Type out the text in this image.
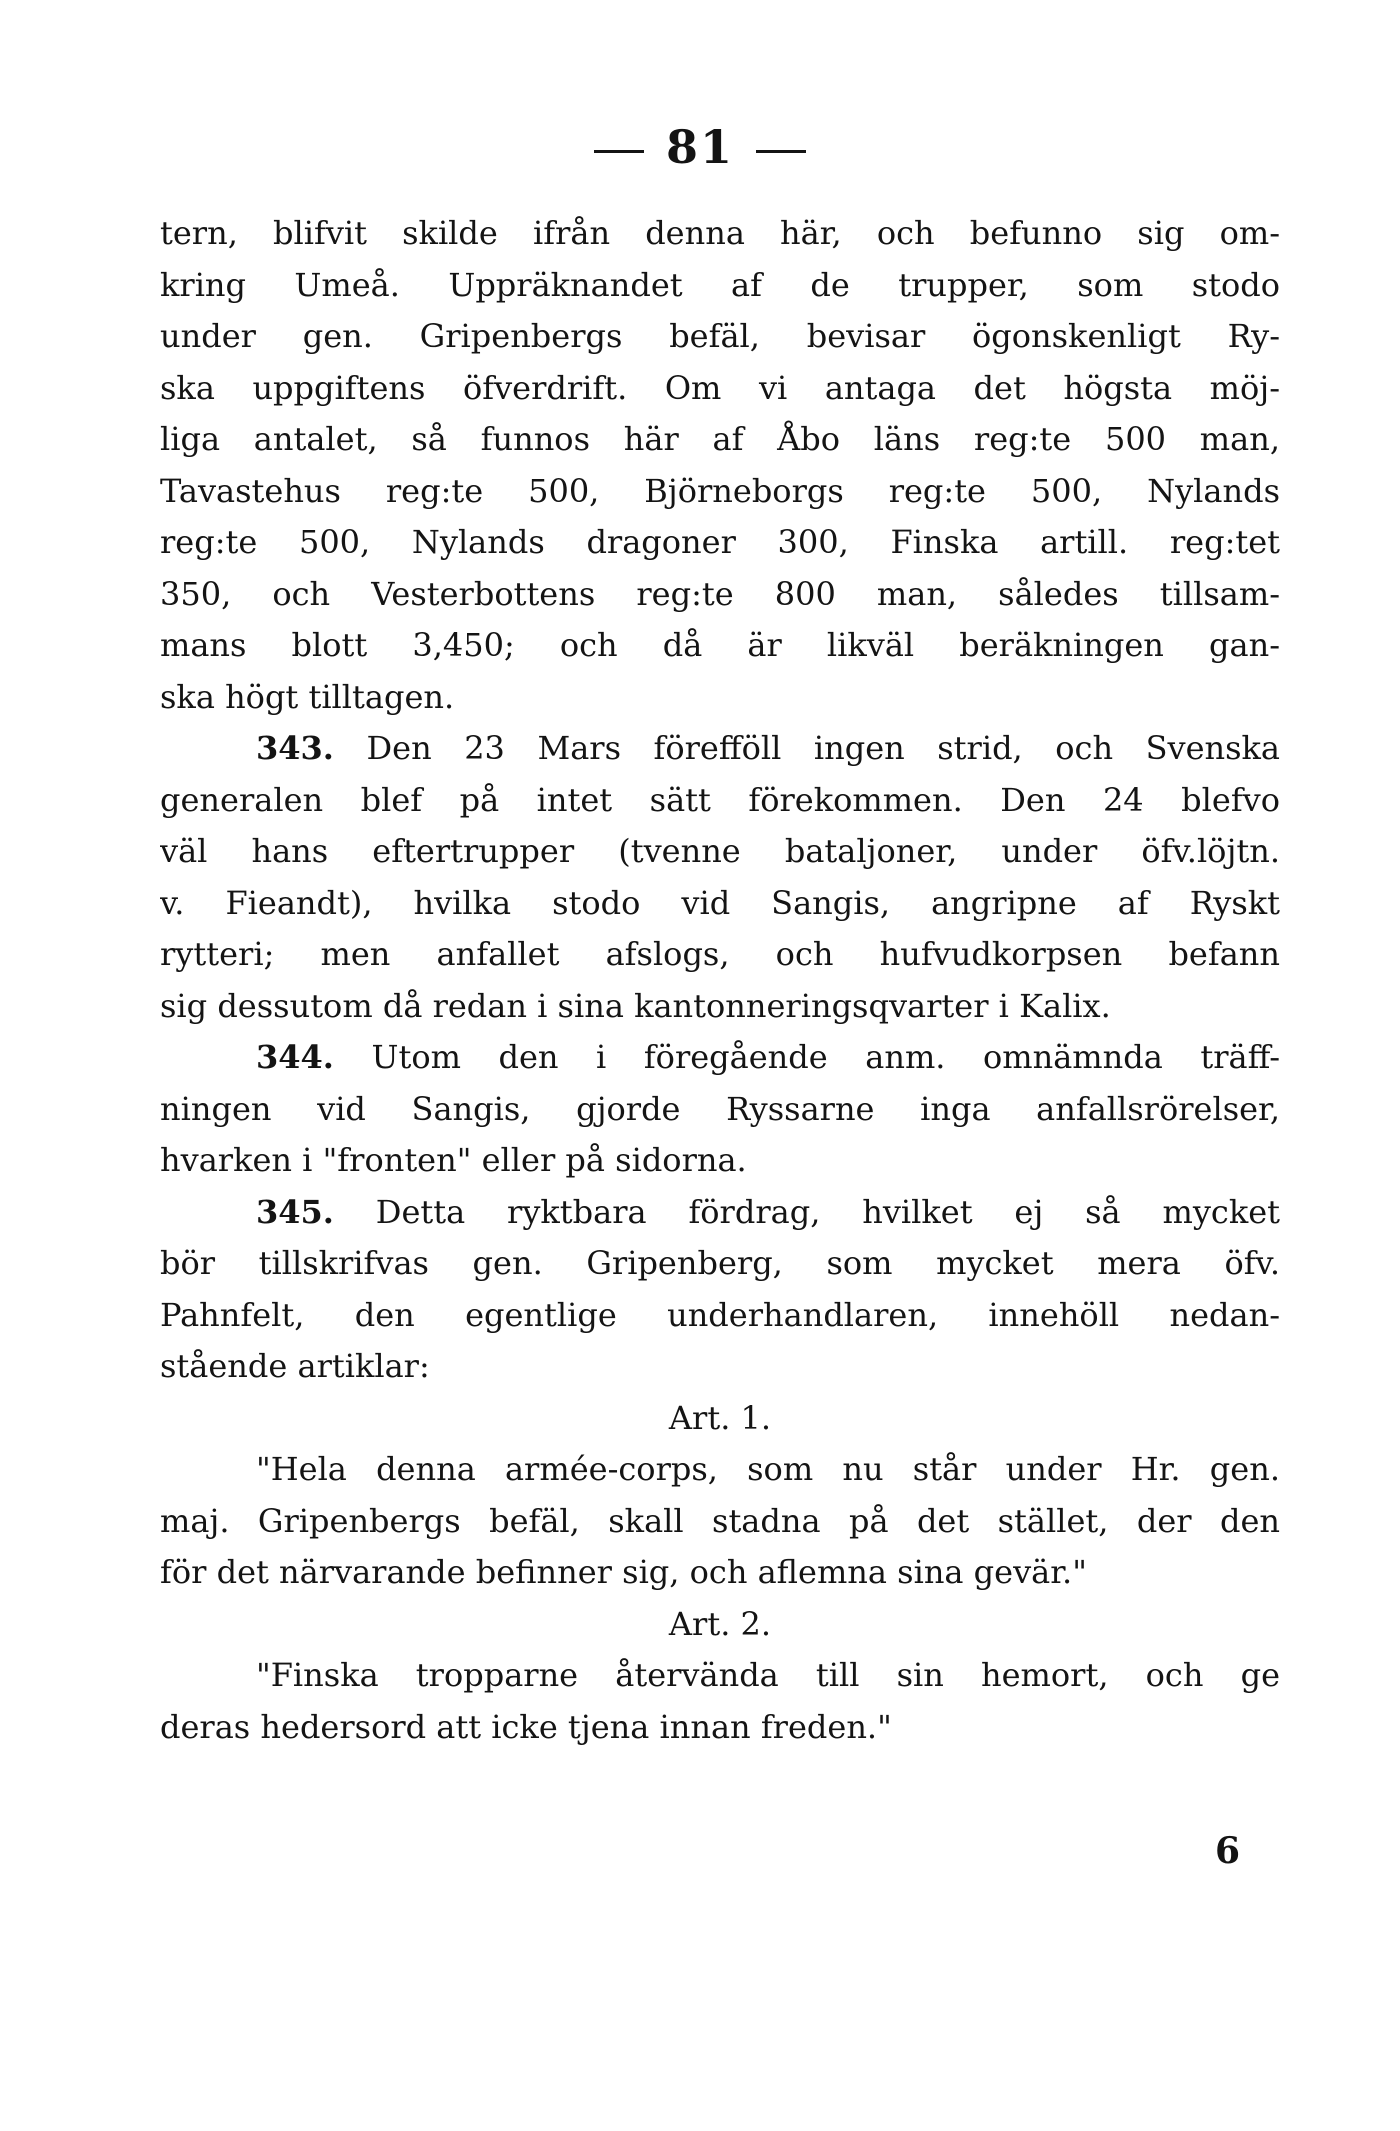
81
tern, blifvit skilde ifrån denna här, och befunno sig om-
kring Umeå. Uppräknandet af de trupper, som stodo
under gen. Gripenbergs befäl, bevisar ögonskenligt Ry-
ska uppgiftens öfverdrift. Om vi antaga det högsta möj-
liga antalet, så funnos här af Åbo läns reg:te 500 man,
Tavastehus reg:te 500, Björneborgs reg:te 500, Nylands
reg:te 500, Nylands dragoner 300, Finska artill. reg:tet
350, och Vesterbottens reg:te 800 man, således tillsam-
mans blott 3,450; och då är likväl beräkningen gan-
ska högt tilltagen.
343. Den 23 Mars förefföll ingen strid, och Svenska
generalen blef på intet sätt förekommen. Den 24 blefvo
väl hans eftertrupper (tvenne bataljoner, under öfv.löjtn.
v. Fieandt), hvilka stodo vid Sangis, angripne af Ryskt
rytteri; men anfallet afslogs, och hufvudkorpsen befann
sig dessutom då redan i sina kantonneringsqvarter i Kalix.
344. Utom den i föregående anm. omnämnda träff-
ningen vid Sangis, gjorde Ryssarne inga anfallsrörelser,
hvarken i "fronten" eller på sidorna.
345. Detta ryktbara fördrag, hvilket ej så mycket
bör tillskrifvas gen. Gripenberg, som mycket mera öfv.
Pahnfelt, den egentlige underhandlaren, innehöll nedan-
stående artiklar:
Art. 1.
"Hela denna armée-corps, som nu står under Hr. gen.
maj. Gripenbergs befäl, skall stadna på det stället, der den
för det närvarande befinner sig, och aflemna sina gevär."
Art. 2.
"Finska tropparne återvända till sin hemort, och ge
deras hedersord att icke tjena innan freden."
6
